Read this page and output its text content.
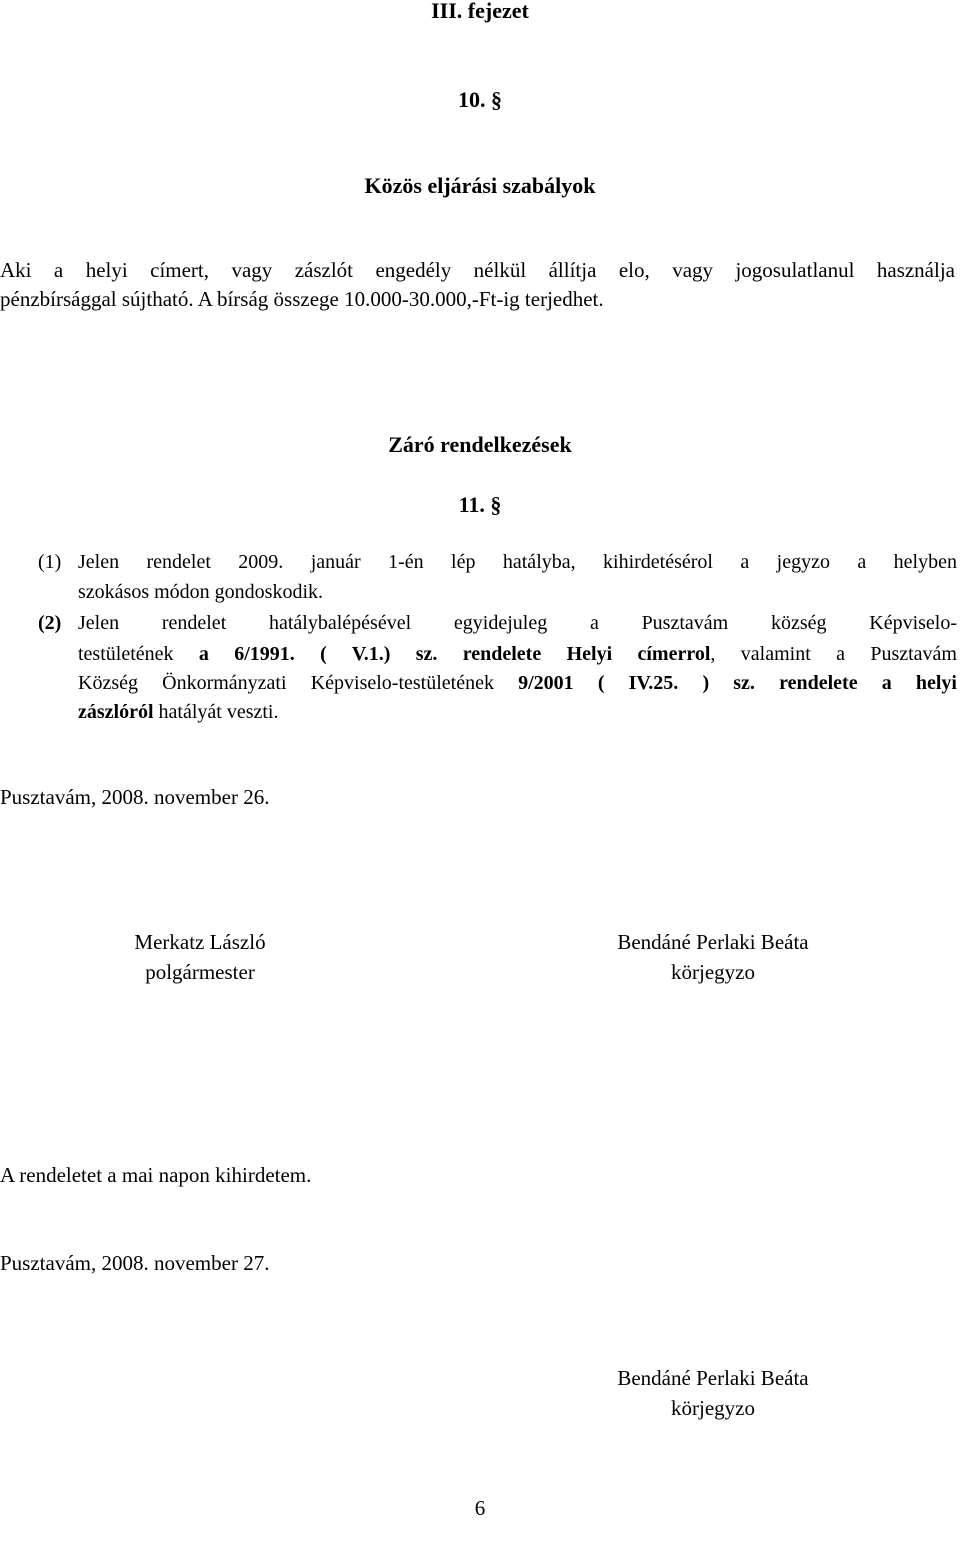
III. fejezet
10. §
Közös eljárási szabályok
Aki a helyi címert, vagy zászlót engedély nélkül állítja elo, vagy jogosulatlanul használja
pénzbírsággal sújtható. A bírság összege 10.000-30.000,-Ft-ig terjedhet.
Záró rendelkezések
11. §
(1) Jelen rendelet 2009. január 1-én lép hatályba, kihirdetésérol a jegyzo a helyben
szokásos módon gondoskodik.
(2) Jelen rendelet hatálybalépésével egyidejuleg a Pusztavám község Képviselo-
testületének a 6/1991. ( V.1.) sz. rendelete Helyi címerrol, valamint a Pusztavám
Község Önkormányzati Képviselo-testületének 9/2001 ( IV.25. ) sz. rendelete a helyi
zászlóról hatályát veszti.
Pusztavám, 2008. november 26.
Merkatz László
polgármester
Bendáné Perlaki Beáta
körjegyzo
A rendeletet a mai napon kihirdetem.
Pusztavám, 2008. november 27.
Bendáné Perlaki Beáta
körjegyzo
6
